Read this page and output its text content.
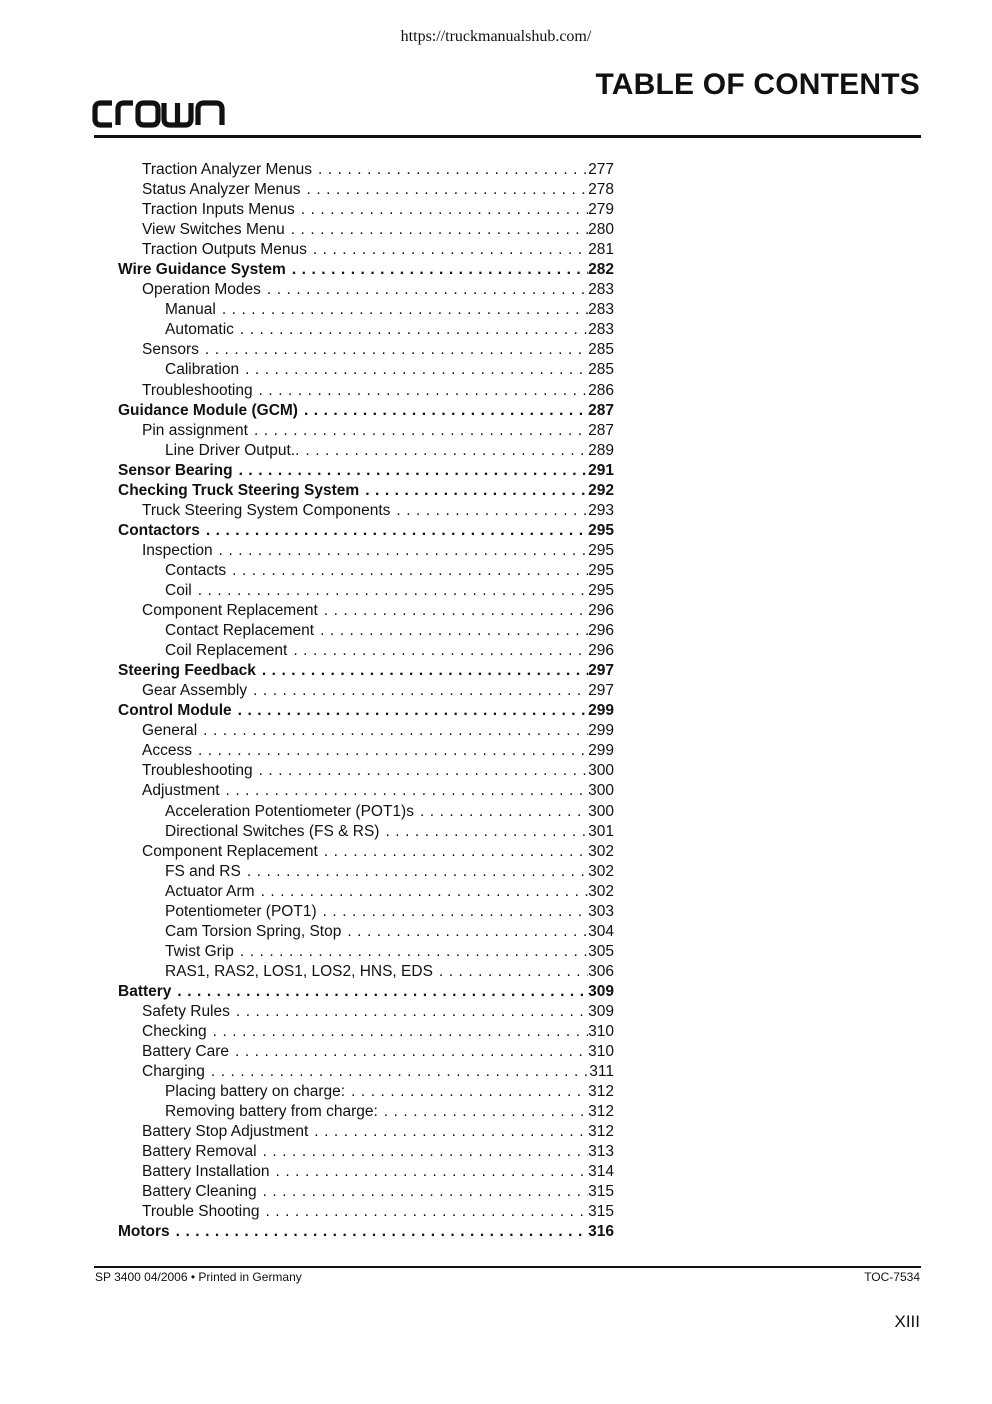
https://truckmanualshub.com/
TABLE OF CONTENTS
Traction Analyzer Menus . . .	277
Status Analyzer Menus . . .	278
Traction Inputs Menus . . .	279
View Switches Menu . . .	280
Traction Outputs Menus . . .	281
Wire Guidance System . . .	282
Operation Modes . . .	283
Manual . . .	283
Automatic . . .	283
Sensors . . .	285
Calibration . . .	285
Troubleshooting . . .	286
Guidance Module (GCM) . . .	287
Pin assignment . . .	287
Line Driver Output.. . . .	289
Sensor Bearing . . .	291
Checking Truck Steering System . . .	292
Truck Steering System Components . . .	293
Contactors . . .	295
Inspection . . .	295
Contacts . . .	295
Coil . . .	295
Component Replacement . . .	296
Contact Replacement . . .	296
Coil Replacement . . .	296
Steering Feedback . . .	297
Gear Assembly . . .	297
Control Module . . .	299
General . . .	299
Access . . .	299
Troubleshooting . . .	300
Adjustment . . .	300
Acceleration Potentiometer (POT1)s . . .	300
Directional Switches (FS & RS) . . .	301
Component Replacement . . .	302
FS and RS . . .	302
Actuator Arm . . .	302
Potentiometer (POT1) . . .	303
Cam Torsion Spring, Stop . . .	304
Twist Grip . . .	305
RAS1, RAS2, LOS1, LOS2, HNS, EDS . . .	306
Battery . . .	309
Safety Rules . . .	309
Checking . . .	310
Battery Care . . .	310
Charging . . .	311
Placing battery on charge: . . .	312
Removing battery from charge: . . .	312
Battery Stop Adjustment . . .	312
Battery Removal . . .	313
Battery Installation . . .	314
Battery Cleaning . . .	315
Trouble Shooting . . .	315
Motors . . .	316
SP 3400 04/2006 • Printed in Germany	TOC-7534
XIII
